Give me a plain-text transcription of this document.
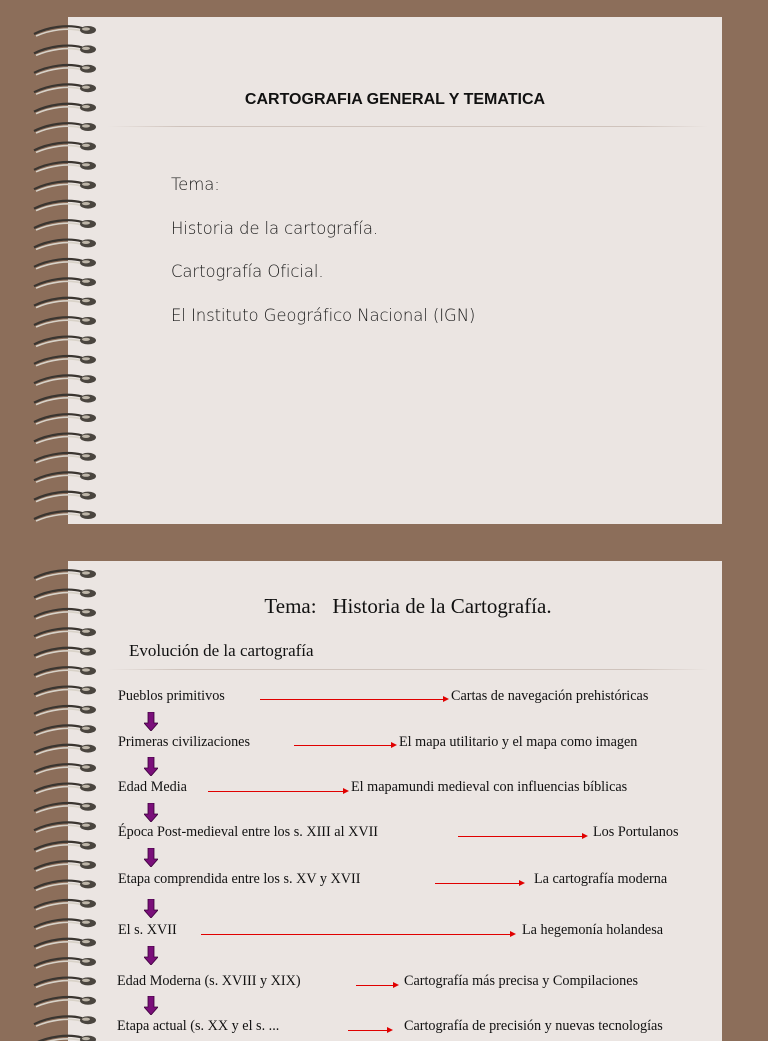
CARTOGRAFIA GENERAL Y TEMATICA
Tema:
Historia de la cartografía.
Cartografía Oficial.
El Instituto Geográfico Nacional (IGN)
Tema:   Historia de la Cartografía.
Evolución de la cartografía
Pueblos primitivos	Cartas de navegación prehistóricas
Primeras civilizaciones	El mapa utilitario y el mapa como imagen
Edad Media	El mapamundi medieval con influencias bíblicas
Época Post-medieval entre los s. XIII al XVII	Los Portulanos
Etapa comprendida entre los s. XV y XVII	La cartografía moderna
El s. XVII	La hegemonía holandesa
Edad Moderna (s. XVIII y XIX)	Cartografía más precisa y Compilaciones
Etapa actual (s. XX y el s. ...	Cartografía de precisión y nuevas tecnologías
